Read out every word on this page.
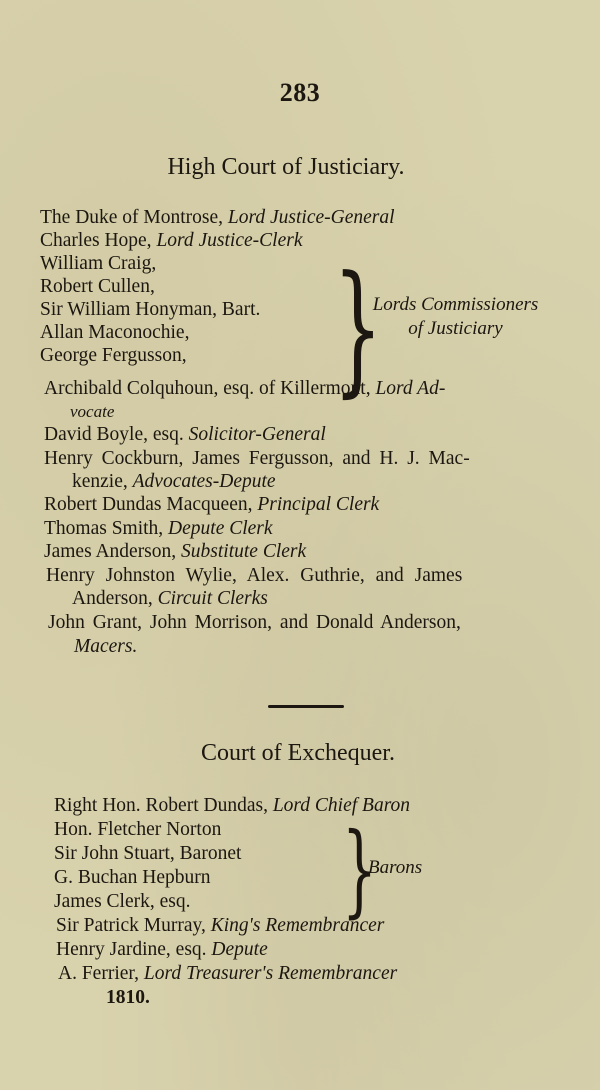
283
High Court of Justiciary.
The Duke of Montrose, Lord Justice-General
Charles Hope, Lord Justice-Clerk
William Craig,
Robert Cullen,
Sir William Honyman, Bart.
Allan Maconochie,
George Fergusson, }
Lords Commissioners
of Justiciary
Archibald Colquhoun, esq. of Killermont, Lord Ad-
vocate
David Boyle, esq. Solicitor-General
Henry Cockburn, James Fergusson, and H. J. Mac-
kenzie, Advocates-Depute
Robert Dundas Macqueen, Principal Clerk
Thomas Smith, Depute Clerk
James Anderson, Substitute Clerk
Henry Johnston Wylie, Alex. Guthrie, and James
Anderson, Circuit Clerks
John Grant, John Morrison, and Donald Anderson,
Macers.
Court of Exchequer.
Right Hon. Robert Dundas, Lord Chief Baron
Hon. Fletcher Norton
Sir John Stuart, Baronet
G. Buchan Hepburn
James Clerk, esq. }
Barons
Sir Patrick Murray, King's Remembrancer
Henry Jardine, esq. Depute
A. Ferrier, Lord Treasurer's Remembrancer
1810.
